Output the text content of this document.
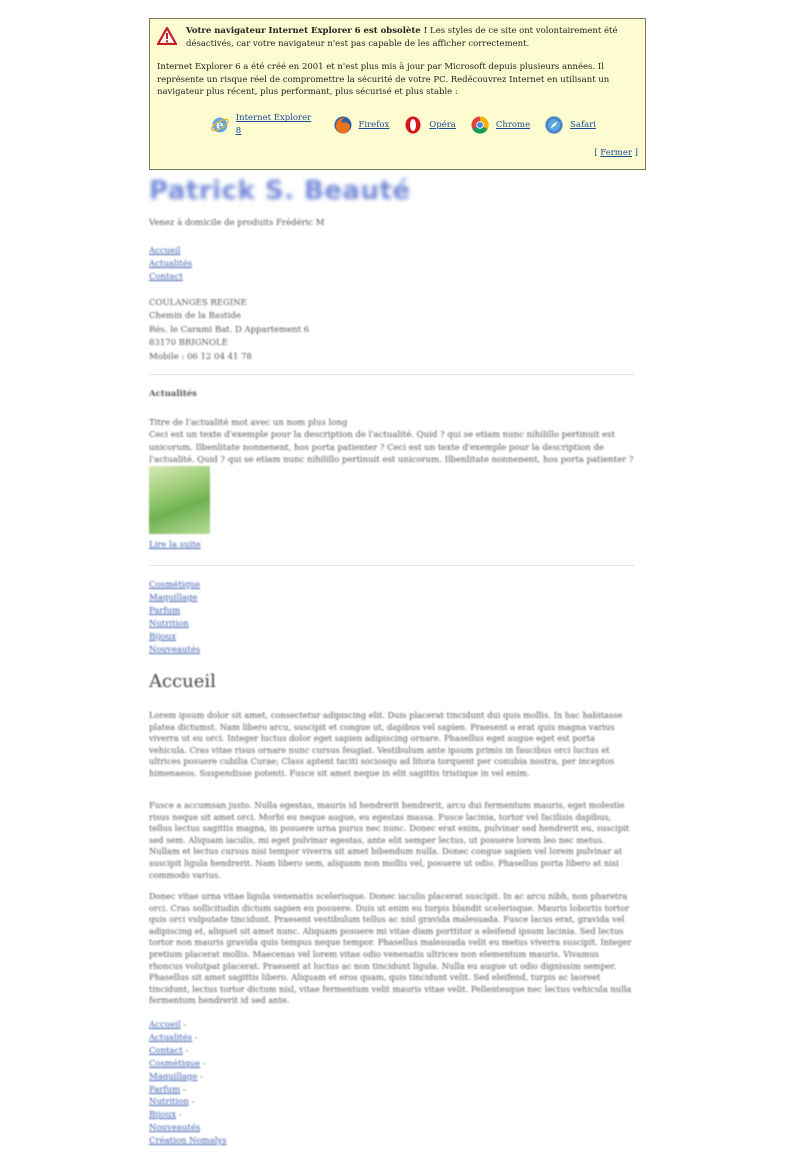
Votre navigateur Internet Explorer 6 est obsolète ! Les styles de ce site ont volontairement été désactivés, car votre navigateur n'est pas capable de les afficher correctement.
Internet Explorer 6 a été créé en 2001 et n'est plus mis à jour par Microsoft depuis plusieurs années. Il représente un risque réel de compromettre la sécurité de votre PC. Redécouvrez Internet en utilisant un navigateur plus récent, plus performant, plus sécurisé et plus stable :
e Internet Explorer 8
Firefox	Opéra	Chrome	Safari
[ Fermer ]
Patrick S. Beauté
Venez à domicile de produits Frédéric M
Accueil
Actualités
Contact
COULANGES REGINE
Chemin de la Bastide
Rés. le Carami Bat. D Appartement 6
83170 BRIGNOLE
Mobile : 06 12 04 41 78
Actualités
Titre de l'actualité mot avec un nom plus long
Ceci est un texte d'exemple pour la description de l'actualité. Quid ? qui se etiam nunc nihilillo pertinuit est unicorum. Ilbenlitate nonnenent, hos porta patienter ? Ceci est un texte d'exemple pour la description de l'actualité. Quid ? qui se etiam nunc nihilillo pertinuit est unicorum. Ilbenlitate nonnenent, hos porta patienter ?
Lire la suite
Cosmétique
Maquillage
Parfum
Nutrition
Bijoux
Nouveautés
Accueil

Lorem ipsum dolor sit amet, consectetur adipiscing elit. Duis placerat tincidunt dui quis mollis. In hac habitasse platea dictumst. Nam libero arcu, suscipit et congue ut, dapibus vel sapien. Praesent a erat quis magna varius viverra ut eu orci. Integer luctus dolor eget sapien adipiscing ornare. Phasellus eget augue eget est porta vehicula. Cras vitae risus ornare nunc cursus feugiat. Vestibulum ante ipsum primis in faucibus orci luctus et ultrices posuere cubilia Curae; Class aptent taciti sociosqu ad litora torquent per conubia nostra, per inceptos himenaeos. Suspendisse potenti. Fusce sit amet neque in elit sagittis tristique in vel enim.

Fusce a accumsan justo. Nulla egestas, mauris id hendrerit hendrerit, arcu dui fermentum mauris, eget molestie risus neque sit amet orci. Morbi eu neque augue, eu egestas massa. Fusce lacinia, tortor vel facilisis dapibus, tellus lectus sagittis magna, in posuere urna purus nec nunc. Donec erat enim, pulvinar sed hendrerit eu, suscipit sed sem. Aliquam iaculis, mi eget pulvinar egestas, ante elit semper lectus, ut posuere lorem leo nec metus. Nullam et lectus cursus nisi tempor viverra sit amet bibendum nulla. Donec congue sapien vel lorem pulvinar at suscipit ligula hendrerit. Nam libero sem, aliquam non mollis vel, posuere ut odio. Phasellus porta libero at nisi commodo varius.

Donec vitae urna vitae ligula venenatis scelerisque. Donec iaculis placerat suscipit. In ac arcu nibh, non pharetra orci. Cras sollicitudin dictum sapien eu posuere. Duis ut enim eu turpis blandit scelerisque. Mauris lobortis tortor quis orci vulputate tincidunt. Praesent vestibulum tellus ac nisl gravida malesuada. Fusce lacus erat, gravida vel adipiscing et, aliquet sit amet nunc. Aliquam posuere mi vitae diam porttitor a eleifend ipsum lacinia. Sed lectus tortor non mauris gravida quis tempus neque tempor. Phasellus malesuada velit eu metus viverra suscipit. Integer pretium placerat mollis. Maecenas vel lorem vitae odio venenatis ultrices non elementum mauris. Vivamus rhoncus volutpat placerat. Praesent at luctus ac non tincidunt ligula. Nulla eu augue ut odio dignissim semper. Phasellus sit amet sagittis libero. Aliquam et eros quam, quis tincidunt velit. Sed eleifend, turpis ac laoreet tincidunt, lectus tortor dictum nisl, vitae fermentum velit mauris vitae velit. Pellentesque nec lectus vehicula nulla fermentum hendrerit id sed ante.

Accueil -
Actualités -
Contact -
Cosmétique -
Maquillage -
Parfum -
Nutrition -
Bijoux -
Nouveautés
Création Nomalys
